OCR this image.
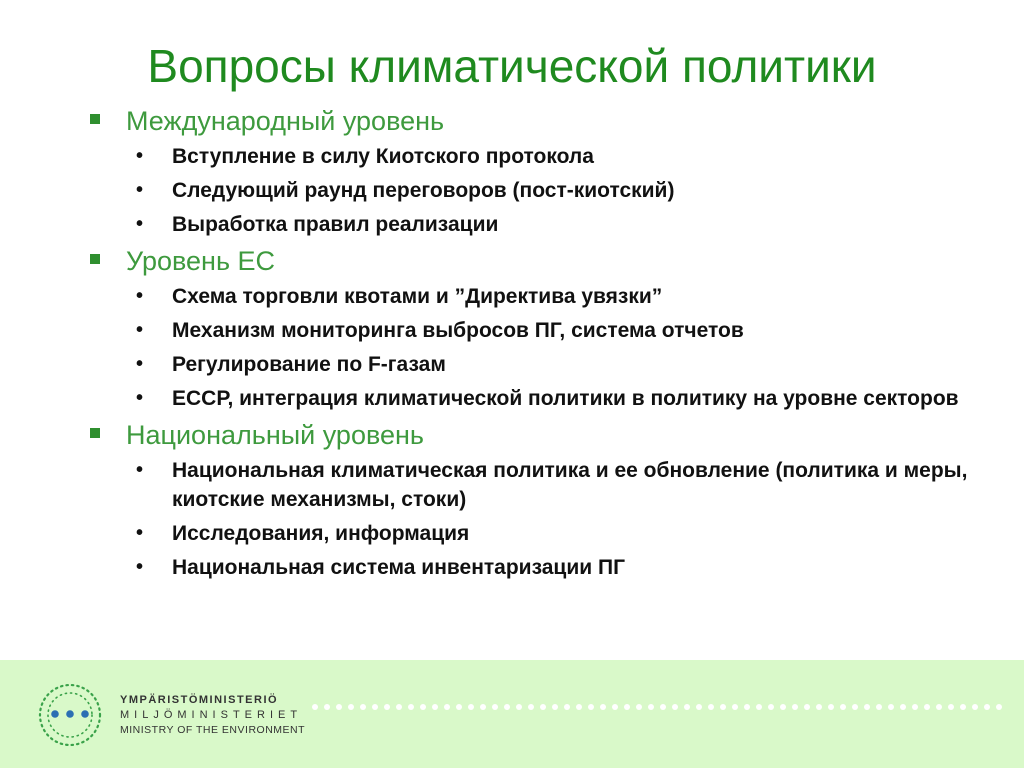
Вопросы климатической политики
Международный уровень
• Вступление в силу Киотского протокола
• Следующий раунд переговоров (пост-киотский)
• Выработка правил реализации
Уровень ЕС
• Схема торговли квотами и ”Директива увязки”
• Механизм мониторинга выбросов ПГ, система отчетов
• Регулирование по F-газам
• ЕССР, интеграция климатической политики в политику на уровне секторов
Национальный уровень
• Национальная климатическая политика и ее обновление (политика и меры, киотские механизмы, стоки)
• Исследования, информация
• Национальная система инвентаризации ПГ
YMPÄRISTÖMINISTERIÖ
MILJÖMINISTERIET
MINISTRY OF THE ENVIRONMENT
